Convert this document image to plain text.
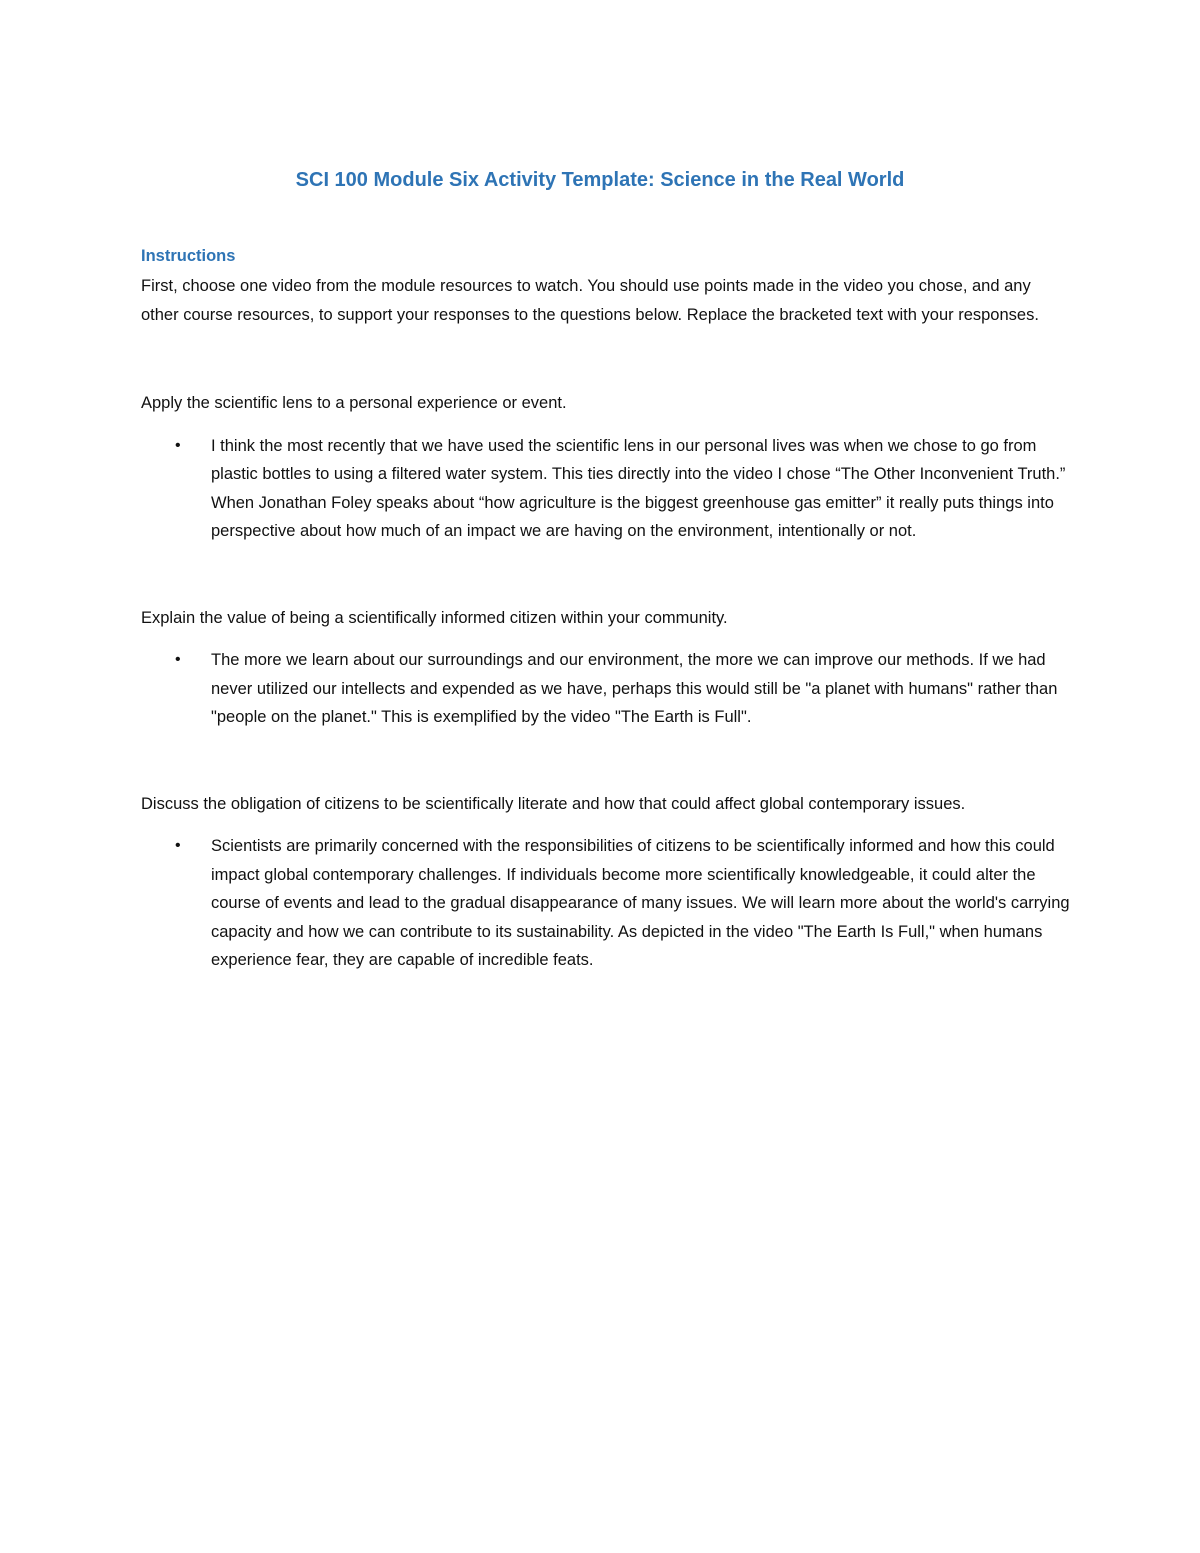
SCI 100 Module Six Activity Template: Science in the Real World

Instructions

First, choose one video from the module resources to watch. You should use points made in the video you chose, and any other course resources, to support your responses to the questions below. Replace the bracketed text with your responses.

Apply the scientific lens to a personal experience or event.

• I think the most recently that we have used the scientific lens in our personal lives was when we chose to go from plastic bottles to using a filtered water system. This ties directly into the video I chose “The Other Inconvenient Truth.” When Jonathan Foley speaks about “how agriculture is the biggest greenhouse gas emitter” it really puts things into perspective about how much of an impact we are having on the environment, intentionally or not.

Explain the value of being a scientifically informed citizen within your community.

• The more we learn about our surroundings and our environment, the more we can improve our methods. If we had never utilized our intellects and expended as we have, perhaps this would still be "a planet with humans" rather than "people on the planet." This is exemplified by the video "The Earth is Full".

Discuss the obligation of citizens to be scientifically literate and how that could affect global contemporary issues.

• Scientists are primarily concerned with the responsibilities of citizens to be scientifically informed and how this could impact global contemporary challenges. If individuals become more scientifically knowledgeable, it could alter the course of events and lead to the gradual disappearance of many issues. We will learn more about the world's carrying capacity and how we can contribute to its sustainability. As depicted in the video "The Earth Is Full," when humans experience fear, they are capable of incredible feats.
